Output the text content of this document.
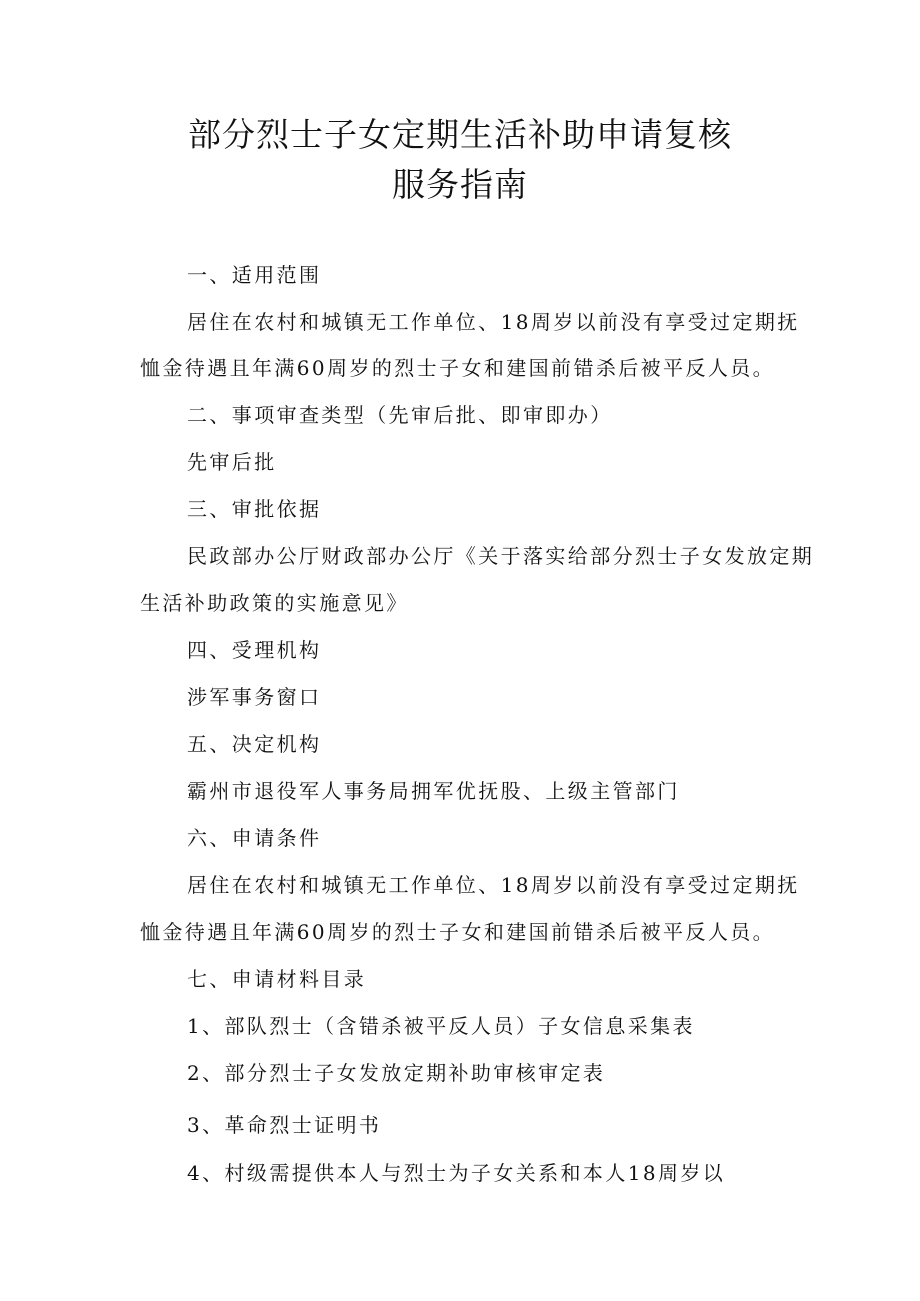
部分烈士子女定期生活补助申请复核
服务指南
一、适用范围
居住在农村和城镇无工作单位、18周岁以前没有享受过定期抚
恤金待遇且年满60周岁的烈士子女和建国前错杀后被平反人员。
二、事项审查类型（先审后批、即审即办）
先审后批
三、审批依据
民政部办公厅财政部办公厅《关于落实给部分烈士子女发放定期
生活补助政策的实施意见》
四、受理机构
涉军事务窗口
五、决定机构
霸州市退役军人事务局拥军优抚股、上级主管部门
六、申请条件
居住在农村和城镇无工作单位、18周岁以前没有享受过定期抚
恤金待遇且年满60周岁的烈士子女和建国前错杀后被平反人员。
七、申请材料目录
1、部队烈士（含错杀被平反人员）子女信息采集表
2、部分烈士子女发放定期补助审核审定表
3、革命烈士证明书
4、村级需提供本人与烈士为子女关系和本人18周岁以
